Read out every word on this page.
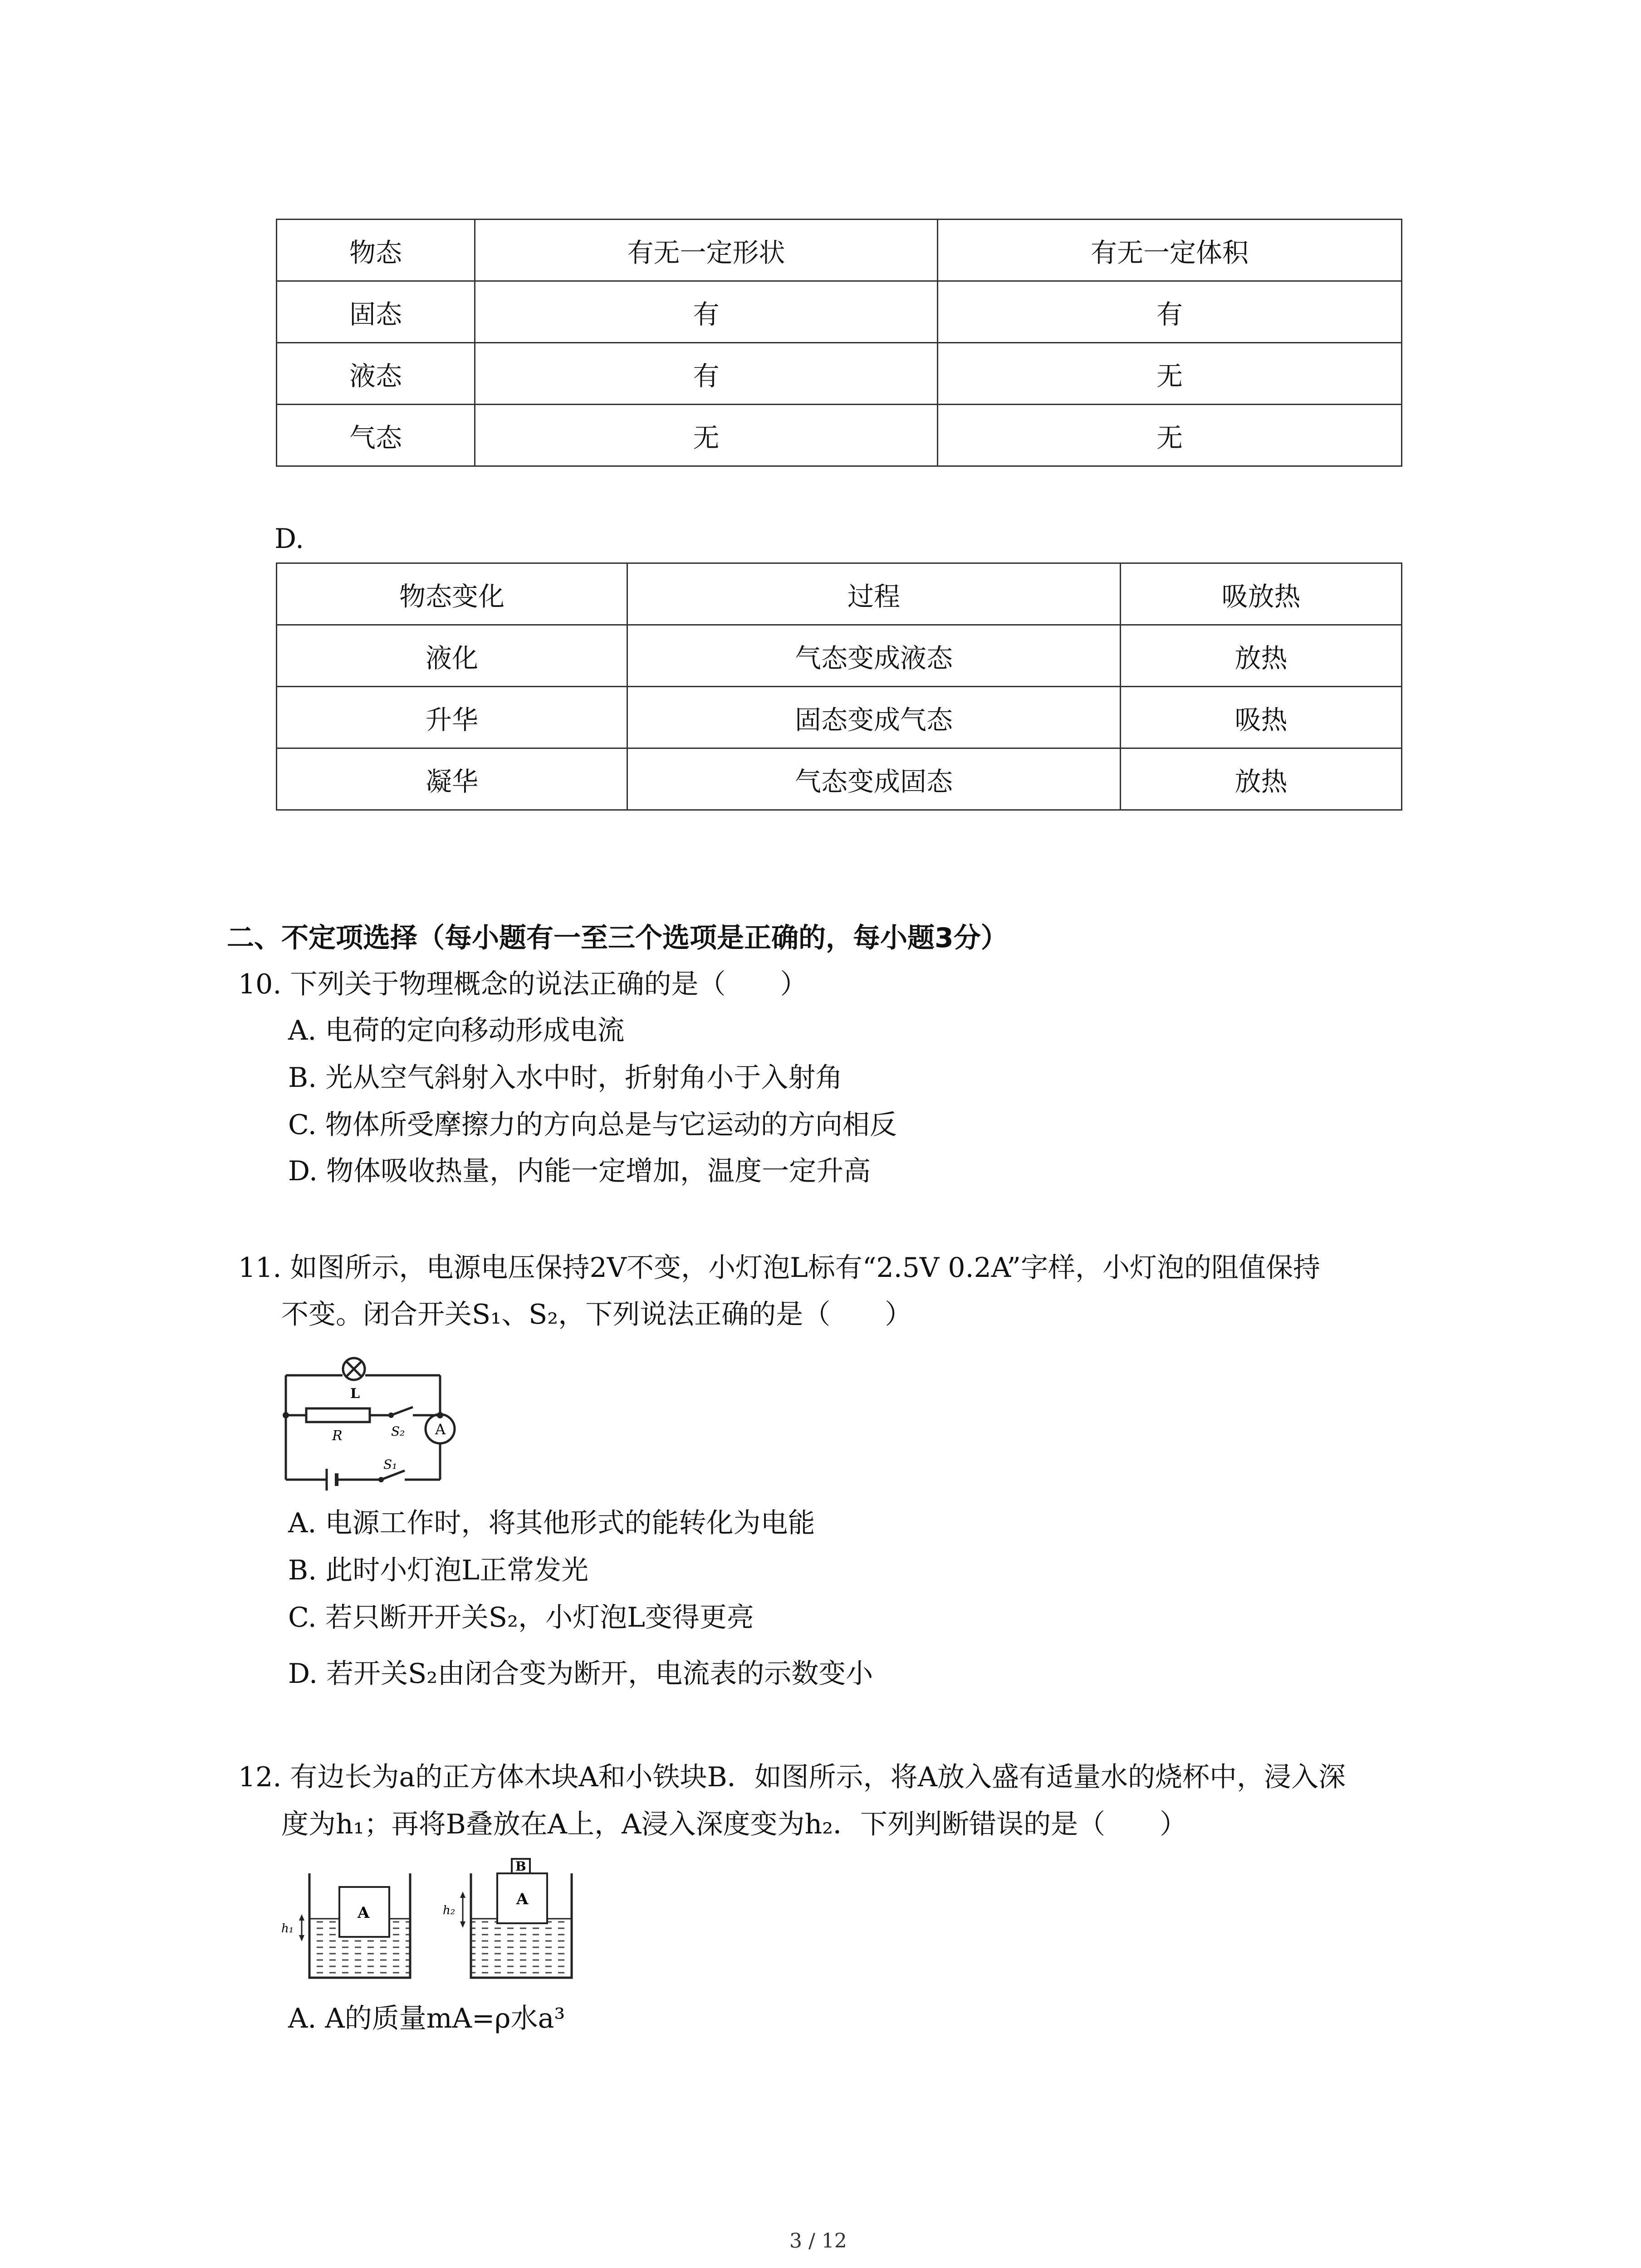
物态	有无一定形状	有无一定体积
固态	有	有
液态	有	无
气态	无	无
D.
物态变化	过程	吸放热
液化	气态变成液态	放热
升华	固态变成气态	吸热
凝华	气态变成固态	放热
二、不定项选择（每小题有一至三个选项是正确的，每小题3分）
10. 下列关于物理概念的说法正确的是（　　）
A. 电荷的定向移动形成电流
B. 光从空气斜射入水中时，折射角小于入射角
C. 物体所受摩擦力的方向总是与它运动的方向相反
D. 物体吸收热量，内能一定增加，温度一定升高
11. 如图所示，电源电压保持2V不变，小灯泡L标有“2.5V 0.2A”字样，小灯泡的阻值保持
不变。闭合开关S₁、S₂，下列说法正确的是（　　）
L
R	S₂ A
S₁
A. 电源工作时，将其他形式的能转化为电能
B. 此时小灯泡L正常发光
C. 若只断开开关S₂，小灯泡L变得更亮
D. 若开关S₂由闭合变为断开，电流表的示数变小
12. 有边长为a的正方体木块A和小铁块B．如图所示，将A放入盛有适量水的烧杯中，浸入深
度为h₁；再将B叠放在A上，A浸入深度变为h₂．下列判断错误的是（　　）
A
h₁
B
A
h₂
A. A的质量mA=ρ水a³
3 / 12
